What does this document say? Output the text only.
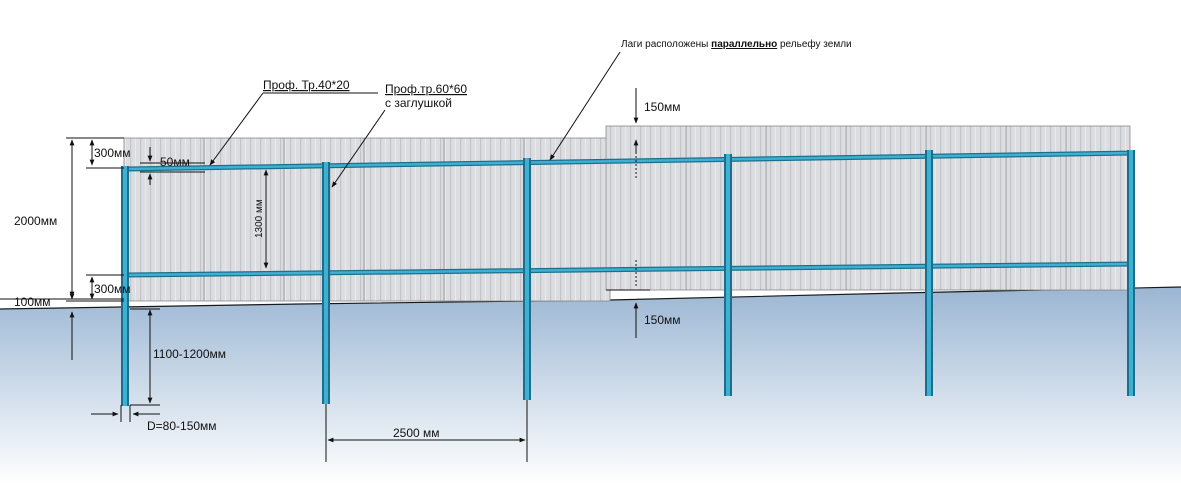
Лаги расположены параллельно рельефу земли
Проф. Тр.40*20	Проф.тр.60*60
с заглушкой
2000мм
300мм
300мм
50мм
100мм
1300 мм
1100-1200мм
D=80-150мм	2500 мм
150мм
150мм
